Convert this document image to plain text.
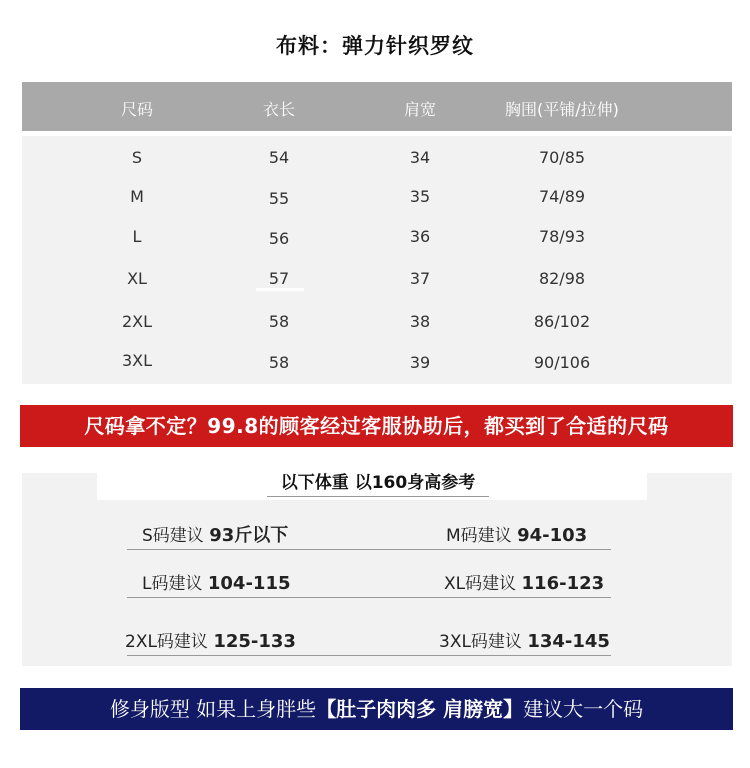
布料：弹力针织罗纹
尺码	衣长	肩宽	胸围(平铺/拉伸)
S	54	34	70/85
M	55	35	74/89
L	56	36	78/93
XL	57	37	82/98
2XL	58	38	86/102
3XL	58	39	90/106
尺码拿不定？99.8的顾客经过客服协助后，都买到了合适的尺码
以下体重 以160身高参考
S码建议 93斤以下	M码建议 94-103
L码建议 104-115	XL码建议 116-123
2XL码建议 125-133	3XL码建议 134-145
修身版型 如果上身胖些【肚子肉肉多 肩膀宽】建议大一个码
